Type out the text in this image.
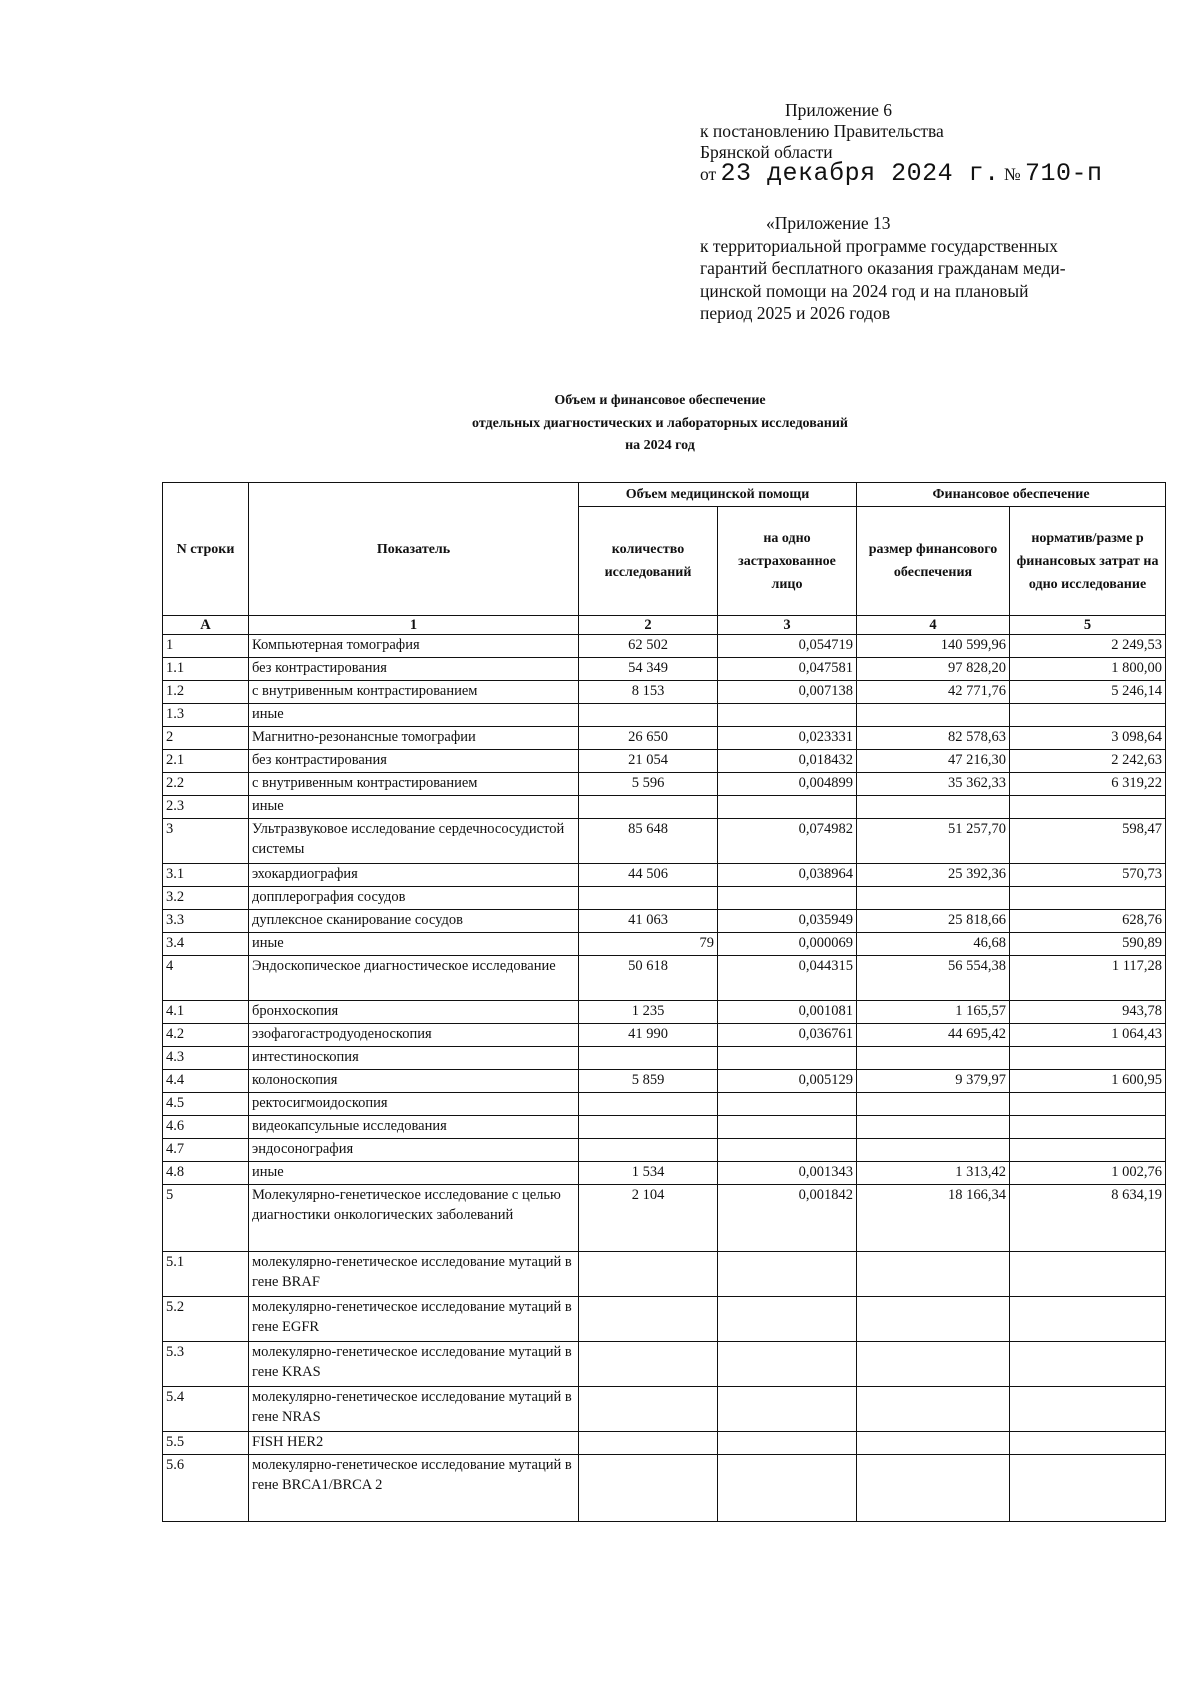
Приложение 6
к постановлению Правительства
Брянской области
от 23 декабря 2024 г. № 710-п
«Приложение 13
к территориальной программе государственных
гарантий бесплатного оказания гражданам меди-
цинской помощи на 2024 год и на плановый
период 2025 и 2026 годов
Объем и финансовое обеспечение
отдельных диагностических и лабораторных исследований
на 2024 год
N строки	Показатель	Объем медицинской помощи		Финансовое обеспечение	
		количество исследований	на одно застрахованное лицо	размер финансового обеспечения	норматив/разме р финансовых затрат на одно исследование
А	1	2	3	4	5
1	Компьютерная томография	62 502	0,054719	140 599,96	2 249,53
1.1	без контрастирования	54 349	0,047581	97 828,20	1 800,00
1.2	с внутривенным контрастированием	8 153	0,007138	42 771,76	5 246,14
1.3	иные				
2	Магнитно-резонансные томографии	26 650	0,023331	82 578,63	3 098,64
2.1	без контрастирования	21 054	0,018432	47 216,30	2 242,63
2.2	с внутривенным контрастированием	5 596	0,004899	35 362,33	6 319,22
2.3	иные				
3	Ультразвуковое исследование сердечнососудистой системы	85 648	0,074982	51 257,70	598,47
3.1	эхокардиография	44 506	0,038964	25 392,36	570,73
3.2	допплерография сосудов				
3.3	дуплексное сканирование сосудов	41 063	0,035949	25 818,66	628,76
3.4	иные	79	0,000069	46,68	590,89
4	Эндоскопическое диагностическое исследование	50 618	0,044315	56 554,38	1 117,28
4.1	бронхоскопия	1 235	0,001081	1 165,57	943,78
4.2	эзофагогастродуоденоскопия	41 990	0,036761	44 695,42	1 064,43
4.3	интестиноскопия				
4.4	колоноскопия	5 859	0,005129	9 379,97	1 600,95
4.5	ректосигмоидоскопия				
4.6	видеокапсульные исследования				
4.7	эндосонография				
4.8	иные	1 534	0,001343	1 313,42	1 002,76
5	Молекулярно-генетическое исследование с целью диагностики онкологических заболеваний	2 104	0,001842	18 166,34	8 634,19
5.1	молекулярно-генетическое исследование мутаций в гене BRAF				
5.2	молекулярно-генетическое исследование мутаций в гене EGFR				
5.3	молекулярно-генетическое исследование мутаций в гене KRAS				
5.4	молекулярно-генетическое исследование мутаций в гене NRAS				
5.5	FISH HER2				
5.6	молекулярно-генетическое исследование мутаций в гене BRCA1/BRCA 2				
